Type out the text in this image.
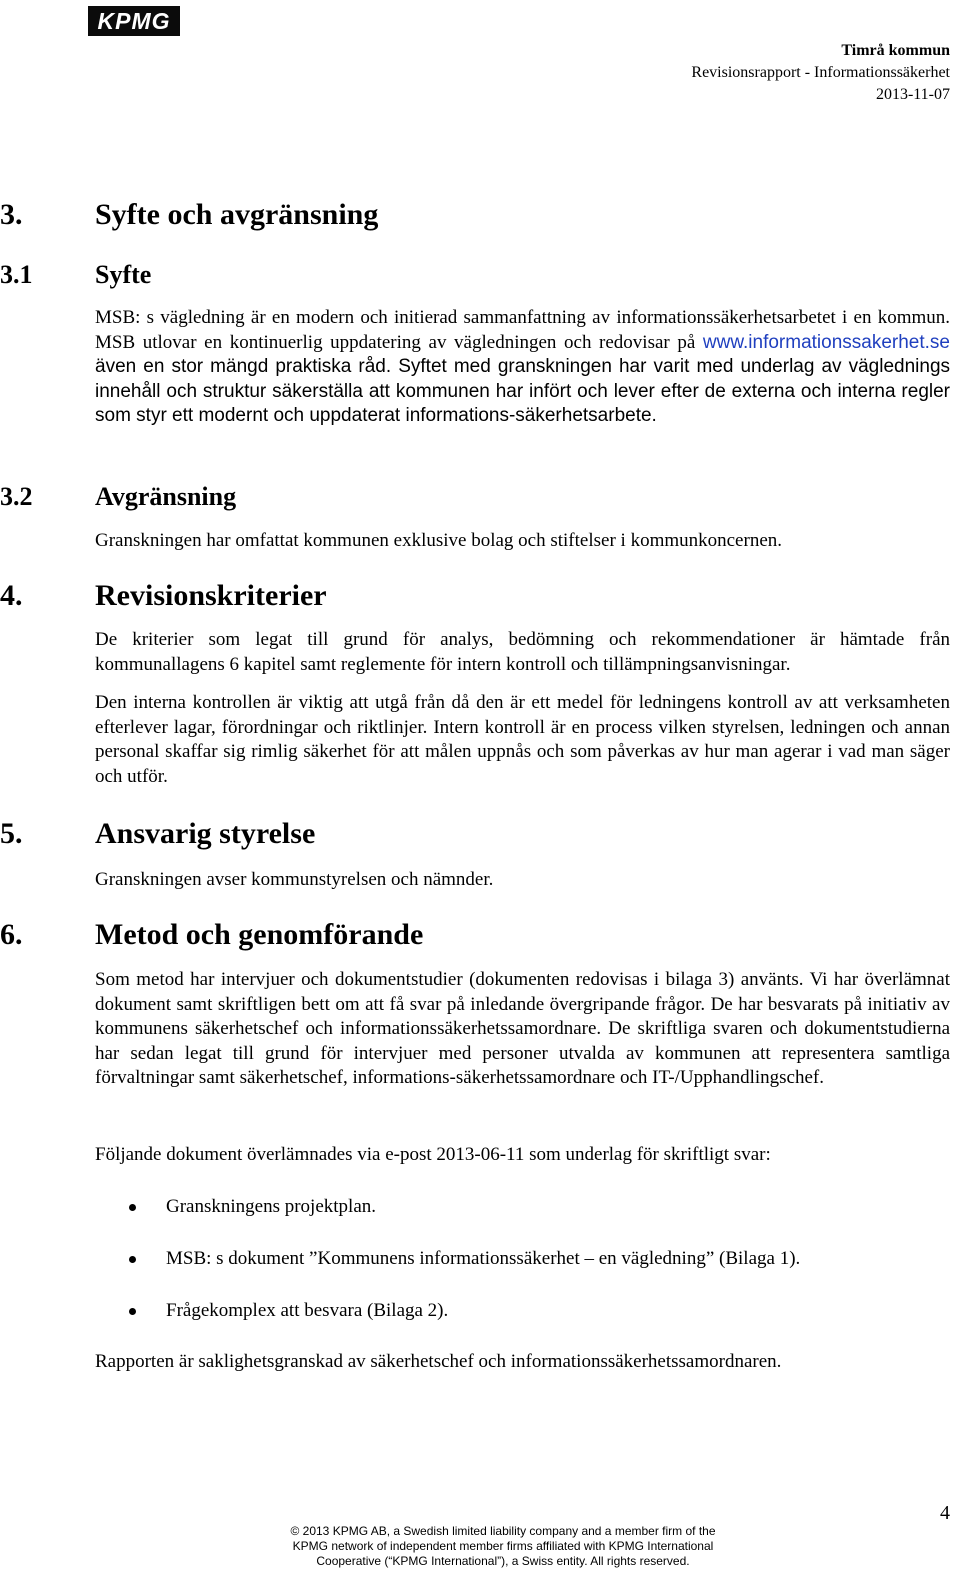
KPMG
Timrå kommun
Revisionsrapport - Informationssäkerhet
2013-11-07
3. Syfte och avgränsning
3.1 Syfte

MSB: s vägledning är en modern och initierad sammanfattning av informationssäkerhetsarbetet i en kommun. MSB utlovar en kontinuerlig uppdatering av vägledningen och redovisar på www.informationssakerhet.se även en stor mängd praktiska råd. Syftet med granskningen har varit med underlag av väglednings innehåll och struktur säkerställa att kommunen har infört och lever efter de externa och interna regler som styr ett modernt och uppdaterat informations-säkerhetsarbete.

3.2 Avgränsning

Granskningen har omfattat kommunen exklusive bolag och stiftelser i kommunkoncernen.

4. Revisionskriterier

De kriterier som legat till grund för analys, bedömning och rekommendationer är hämtade från kommunallagens 6 kapitel samt reglemente för intern kontroll och tillämpningsanvisningar.

Den interna kontrollen är viktig att utgå från då den är ett medel för ledningens kontroll av att verksamheten efterlever lagar, förordningar och riktlinjer. Intern kontroll är en process vilken styrelsen, ledningen och annan personal skaffar sig rimlig säkerhet för att målen uppnås och som påverkas av hur man agerar i vad man säger och utför.

5. Ansvarig styrelse

Granskningen avser kommunstyrelsen och nämnder.

6. Metod och genomförande

Som metod har intervjuer och dokumentstudier (dokumenten redovisas i bilaga 3) använts. Vi har överlämnat dokument samt skriftligen bett om att få svar på inledande övergripande frågor. De har besvarats på initiativ av kommunens säkerhetschef och informationssäkerhetssamordnare. De skriftliga svaren och dokumentstudierna har sedan legat till grund för intervjuer med personer utvalda av kommunen att representera samtliga förvaltningar samt säkerhetschef, informations-säkerhetssamordnare och IT-/Upphandlingschef.

Följande dokument överlämnades via e-post 2013-06-11 som underlag för skriftligt svar:

Granskningens projektplan.
MSB: s dokument ”Kommunens informationssäkerhet – en vägledning” (Bilaga 1).
Frågekomplex att besvara (Bilaga 2).

Rapporten är saklighetsgranskad av säkerhetschef och informationssäkerhetssamordnaren.

4
© 2013 KPMG AB, a Swedish limited liability company and a member firm of the
KPMG network of independent member firms affiliated with KPMG International
Cooperative (“KPMG International”), a Swiss entity. All rights reserved.
